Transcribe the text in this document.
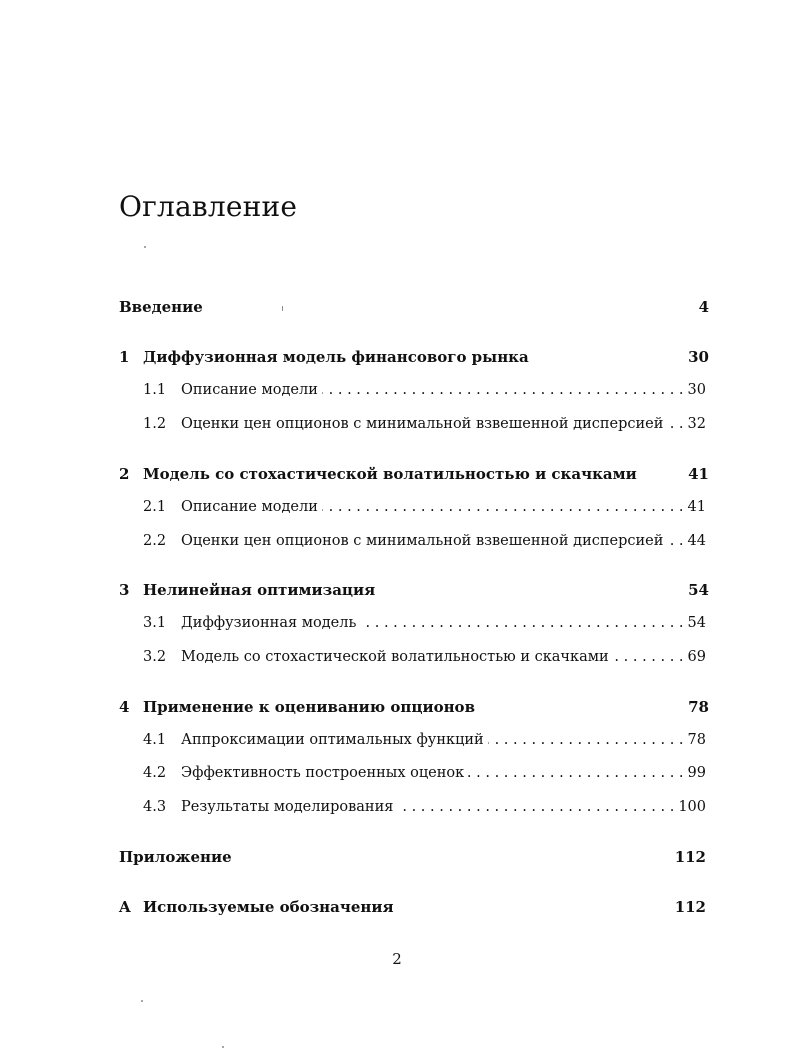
Оглавление
Введение	4
1 Диффузионная модель финансового рынка	30
1.1	Описание модели . . .	30
1.2	Оценки цен опционов с минимальной взвешенной дисперсией . . . 32
2 Модель со стохастической волатильностью и скачками	41
2.1	Описание модели . . .	41
2.2	Оценки цен опционов с минимальной взвешенной дисперсией . . . 44
3 Нелинейная оптимизация	54
3.1	Диффузионная модель . . .	54
3.2	Модель со стохастической волатильностью и скачками . . .	69
4 Применение к оцениванию опционов	78
4.1	Аппроксимации оптимальных функций . . .	78
4.2	Эффективность построенных оценок . . .	99
4.3	Результаты моделирования . . .	100
Приложение	112
A Используемые обозначения	112
2
